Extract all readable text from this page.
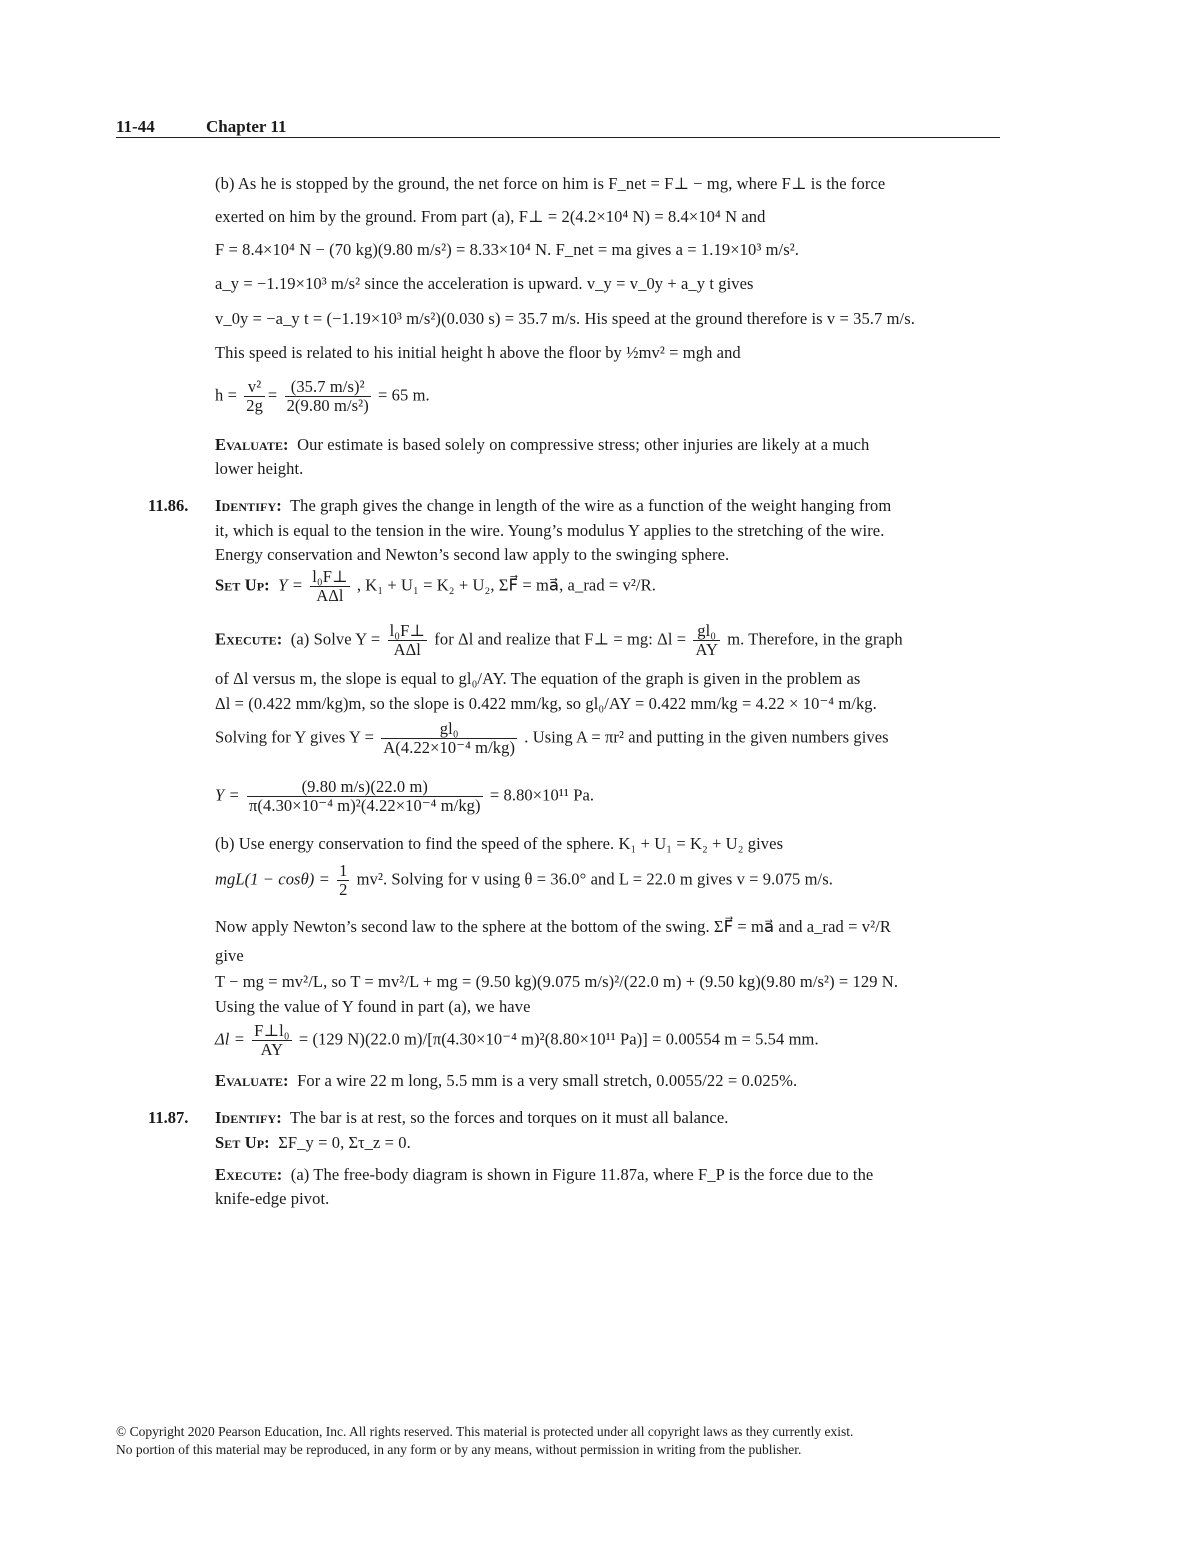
11-44	Chapter 11
(b) As he is stopped by the ground, the net force on him is F_net = F⊥ − mg, where F⊥ is the force
exerted on him by the ground. From part (a), F⊥ = 2(4.2×10⁴ N) = 8.4×10⁴ N and
F = 8.4×10⁴ N − (70 kg)(9.80 m/s²) = 8.33×10⁴ N. F_net = ma gives a = 1.19×10³ m/s².
a_y = −1.19×10³ m/s² since the acceleration is upward. v_y = v_0y + a_y t gives
v_0y = −a_y t = (−1.19×10³ m/s²)(0.030 s) = 35.7 m/s. His speed at the ground therefore is v = 35.7 m/s.
This speed is related to his initial height h above the floor by ½mv² = mgh and
$h = \frac{\text{v²}}{2g} = \frac{\text{(35.7 m/s)²}}{\text{2(9.80 m/s²)}} = 65$ m.
Evaluate: Our estimate is based solely on compressive stress; other injuries are likely at a much
lower height.
11.86. Identify: The graph gives the change in length of the wire as a function of the weight hanging from
it, which is equal to the tension in the wire. Young’s modulus Y applies to the stretching of the wire.
Energy conservation and Newton’s second law apply to the swinging sphere.
Set Up: $Y = \frac{\text{l₀F⊥}}{\text{AΔl}}$ , K₁ + U₁ = K₂ + U₂, ΣF⃗ = ma⃗, a_rad = v²/R.
Execute: (a) Solve $Y = \frac{\text{l₀F⊥}}{\text{AΔl}}$ for Δl and realize that F⊥ = mg: $\Delta l = \frac{\text{gl₀}}{AY} m$. Therefore, in the graph
of Δl versus m, the slope is equal to gl₀/AY. The equation of the graph is given in the problem as
Δl = (0.422 mm/kg)m, so the slope is 0.422 mm/kg, so gl₀/AY = 0.422 mm/kg = 4.22 × 10⁻⁴ m/kg.
Solving for Y gives $Y = \frac{\text{gl₀}}{\text{A(4.22×10⁻⁴ m/kg)}}$ . Using A = πr² and putting in the given numbers gives
$Y = \frac{(9.80 m/s)(22.0 m)}{\text{π(4.30×10⁻⁴ m)²(4.22×10⁻⁴ m/kg)}} = 8.80\times 10^{11}$ Pa.
(b) Use energy conservation to find the speed of the sphere. K₁ + U₁ = K₂ + U₂ gives
$mgL(1 - \cos\theta) = \frac{1}{2} mv^2$. Solving for v using θ = 36.0° and L = 22.0 m gives v = 9.075 m/s.
Now apply Newton’s second law to the sphere at the bottom of the swing. ΣF⃗ = ma⃗ and a_rad = v²/R
give
T − mg = mv²/L, so T = mv²/L + mg = (9.50 kg)(9.075 m/s)²/(22.0 m) + (9.50 kg)(9.80 m/s²) = 129 N.
Using the value of Y found in part (a), we have
$\Delta l = \frac{\text{F⊥l₀}}{AY} = (129$ N)(22.0 m)/[π(4.30×10⁻⁴ m)²(8.80×10¹¹ Pa)] = 0.00554 m = 5.54 mm.
Evaluate: For a wire 22 m long, 5.5 mm is a very small stretch, 0.0055/22 = 0.025%.
11.87. Identify: The bar is at rest, so the forces and torques on it must all balance.
Set Up: ΣF_y = 0, Στ_z = 0.
Execute: (a) The free-body diagram is shown in Figure 11.87a, where F_P is the force due to the
knife-edge pivot.
© Copyright 2020 Pearson Education, Inc. All rights reserved. This material is protected under all copyright laws as they currently exist.
No portion of this material may be reproduced, in any form or by any means, without permission in writing from the publisher.
